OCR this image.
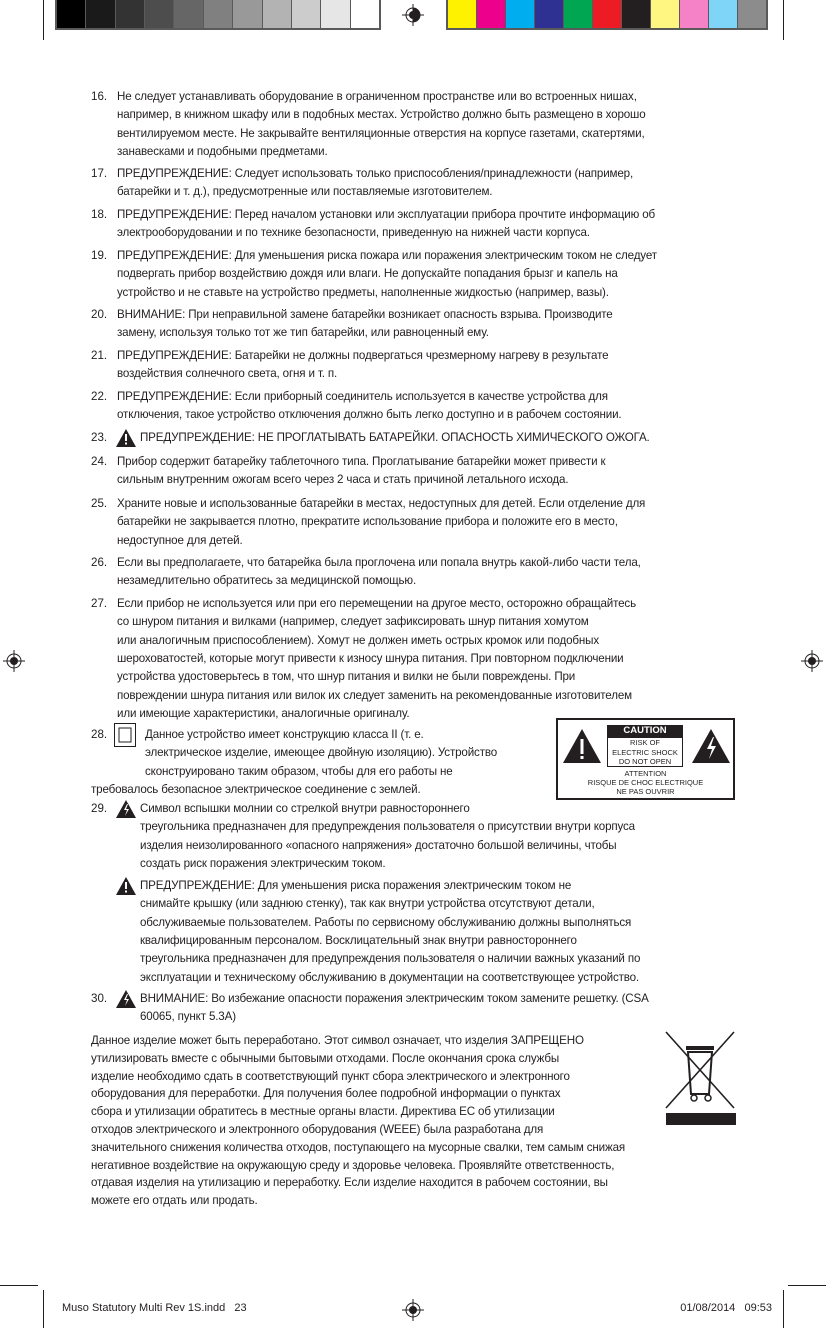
16. Не следует устанавливать оборудование в ограниченном пространстве или во встроенных нишах,
например, в книжном шкафу или в подобных местах. Устройство должно быть размещено в хорошо
вентилируемом месте. Не закрывайте вентиляционные отверстия на корпусе газетами, скатертями,
занавесками и подобными предметами.
17. ПРЕДУПРЕЖДЕНИЕ: Следует использовать только приспособления/принадлежности (например,
батарейки и т. д.), предусмотренные или поставляемые изготовителем.
18. ПРЕДУПРЕЖДЕНИЕ: Перед началом установки или эксплуатации прибора прочтите информацию об
электрооборудовании и по технике безопасности, приведенную на нижней части корпуса.
19. ПРЕДУПРЕЖДЕНИЕ: Для уменьшения риска пожара или поражения электрическим током не следует
подвергать прибор воздействию дождя или влаги. Не допускайте попадания брызг и капель на
устройство и не ставьте на устройство предметы, наполненные жидкостью (например, вазы).
20. ВНИМАНИЕ: При неправильной замене батарейки возникает опасность взрыва. Производите
замену, используя только тот же тип батарейки, или равноценный ему.
21. ПРЕДУПРЕЖДЕНИЕ: Батарейки не должны подвергаться чрезмерному нагреву в результате
воздействия солнечного света, огня и т. п.
22. ПРЕДУПРЕЖДЕНИЕ: Если приборный соединитель используется в качестве устройства для
отключения, такое устройство отключения должно быть легко доступно и в рабочем состоянии.
23.	ПРЕДУПРЕЖДЕНИЕ: НЕ ПРОГЛАТЫВАТЬ БАТАРЕЙКИ. ОПАСНОСТЬ ХИМИЧЕСКОГО ОЖОГА.
24. Прибор содержит батарейку таблеточного типа. Проглатывание батарейки может привести к
сильным внутренним ожогам всего через 2 часа и стать причиной летального исхода.
25. Храните новые и использованные батарейки в местах, недоступных для детей. Если отделение для
батарейки не закрывается плотно, прекратите использование прибора и положите его в место,
недоступное для детей.
26. Если вы предполагаете, что батарейка была проглочена или попала внутрь какой-либо части тела,
незамедлительно обратитесь за медицинской помощью.
27. Если прибор не используется или при его перемещении на другое место, осторожно обращайтесь
со шнуром питания и вилками (например, следует зафиксировать шнур питания хомутом
или аналогичным приспособлением). Хомут не должен иметь острых кромок или подобных
шероховатостей, которые могут привести к износу шнура питания. При повторном подключении
устройства удостоверьтесь в том, что шнур питания и вилки не были повреждены. При
повреждении шнура питания или вилок их следует заменить на рекомендованные изготовителем
или имеющие характеристики, аналогичные оригиналу.
28.	Данное устройство имеет конструкцию класса II (т. е.
электрическое изделие, имеющее двойную изоляцию). Устройство
сконструировано таким образом, чтобы для его работы не
требовалось безопасное электрическое соединение с землей.
29.	Символ вспышки молнии со стрелкой внутри равностороннего
треугольника предназначен для предупреждения пользователя о присутствии внутри корпуса
изделия неизолированного «опасного напряжения» достаточно большой величины, чтобы
создать риск поражения электрическим током.
ПРЕДУПРЕЖДЕНИЕ: Для уменьшения риска поражения электрическим током не
снимайте крышку (или заднюю стенку), так как внутри устройства отсутствуют детали,
обслуживаемые пользователем. Работы по сервисному обслуживанию должны выполняться
квалифицированным персоналом. Восклицательный знак внутри равностороннего
треугольника предназначен для предупреждения пользователя о наличии важных указаний по
эксплуатации и техническому обслуживанию в документации на соответствующее устройство.
30.	ВНИМАНИЕ: Во избежание опасности поражения электрическим током замените решетку. (CSA
60065, пункт 5.3A)
CAUTION
RISK OF
ELECTRIC SHOCK
DO NOT OPEN
ATTENTION
RISQUE DE CHOC ELECTRIQUE
NE PAS OUVRIR
Данное изделие может быть переработано. Этот символ означает, что изделия ЗАПРЕЩЕНО
утилизировать вместе с обычными бытовыми отходами. После окончания срока службы
изделие необходимо сдать в соответствующий пункт сбора электрического и электронного
оборудования для переработки. Для получения более подробной информации о пунктах
сбора и утилизации обратитесь в местные органы власти. Директива ЕС об утилизации
отходов электрического и электронного оборудования (WEEE) была разработана для
значительного снижения количества отходов, поступающего на мусорные свалки, тем самым снижая
негативное воздействие на окружающую среду и здоровье человека. Проявляйте ответственность,
отдавая изделия на утилизацию и переработку. Если изделие находится в рабочем состоянии, вы
можете его отдать или продать.
Muso Statutory Multi Rev 1S.indd   23	01/08/2014   09:53
